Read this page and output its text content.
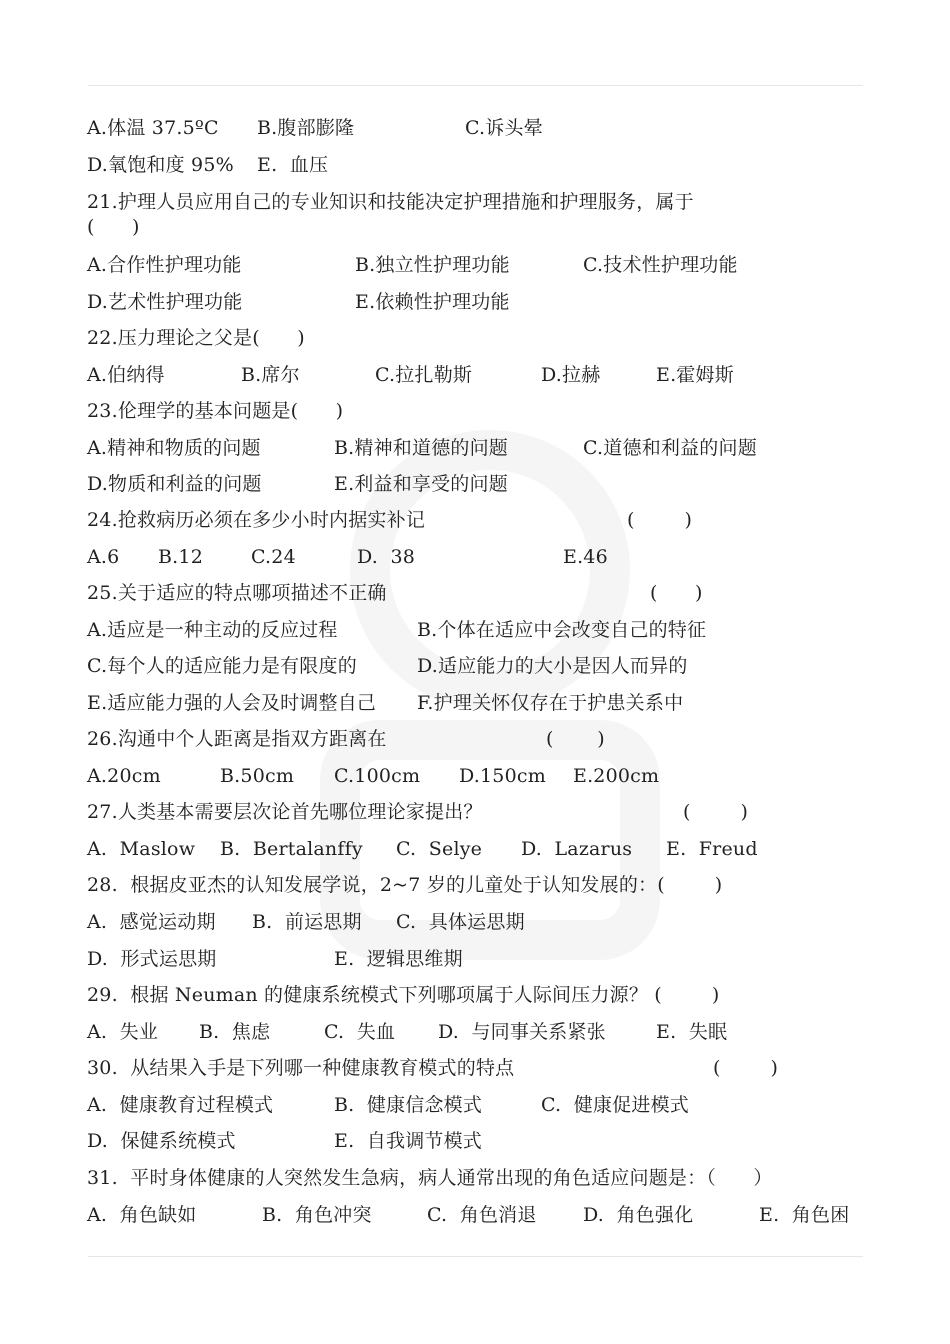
A.体温 37.5ºC B.腹部膨隆	C.诉头晕
D.氧饱和度 95% E.  血压
21.护理人员应用自己的专业知识和技能决定护理措施和护理服务，属于
(      )
A.合作性护理功能	B.独立性护理功能	C.技术性护理功能
D.艺术性护理功能	E.依赖性护理功能
22.压力理论之父是(      )
A.伯纳得	B.席尔	C.拉扎勒斯	D.拉赫	E.霍姆斯
23.伦理学的基本问题是(      )
A.精神和物质的问题	B.精神和道德的问题	C.道德和利益的问题
D.物质和利益的问题	E.利益和享受的问题
24.抢救病历必须在多少小时内据实补记	(        )
A.6 B.12	C.24	D.  38	E.46
25.关于适应的特点哪项描述不正确	(      )
A.适应是一种主动的反应过程	B.个体在适应中会改变自己的特征
C.每个人的适应能力是有限度的	D.适应能力的大小是因人而异的
E.适应能力强的人会及时调整自己 F.护理关怀仅存在于护患关系中
26.沟通中个人距离是指双方距离在	(       )
A.20cm	B.50cm C.100cm D.150cm E.200cm
27.人类基本需要层次论首先哪位理论家提出？	(        )
A.  Maslow B.  Bertalanffy C.  Selye D.  Lazarus E.  Freud
28.  根据皮亚杰的认知发展学说，2~7 岁的儿童处于认知发展的：(        )
A.  感觉运动期 B.  前运思期 C.  具体运思期
D.  形式运思期	E.  逻辑思维期
29.  根据 Neuman 的健康系统模式下列哪项属于人际间压力源？ (        )
A.  失业 B.  焦虑	C.  失血 D.  与同事关系紧张	E.  失眠
30.  从结果入手是下列哪一种健康教育模式的特点	(        )
A.  健康教育过程模式	B.  健康信念模式	C.  健康促进模式
D.  保健系统模式	E.  自我调节模式
31.  平时身体健康的人突然发生急病，病人通常出现的角色适应问题是：（      ）
A.  角色缺如	B.  角色冲突	C.  角色消退 D.  角色强化	E.  角色困
